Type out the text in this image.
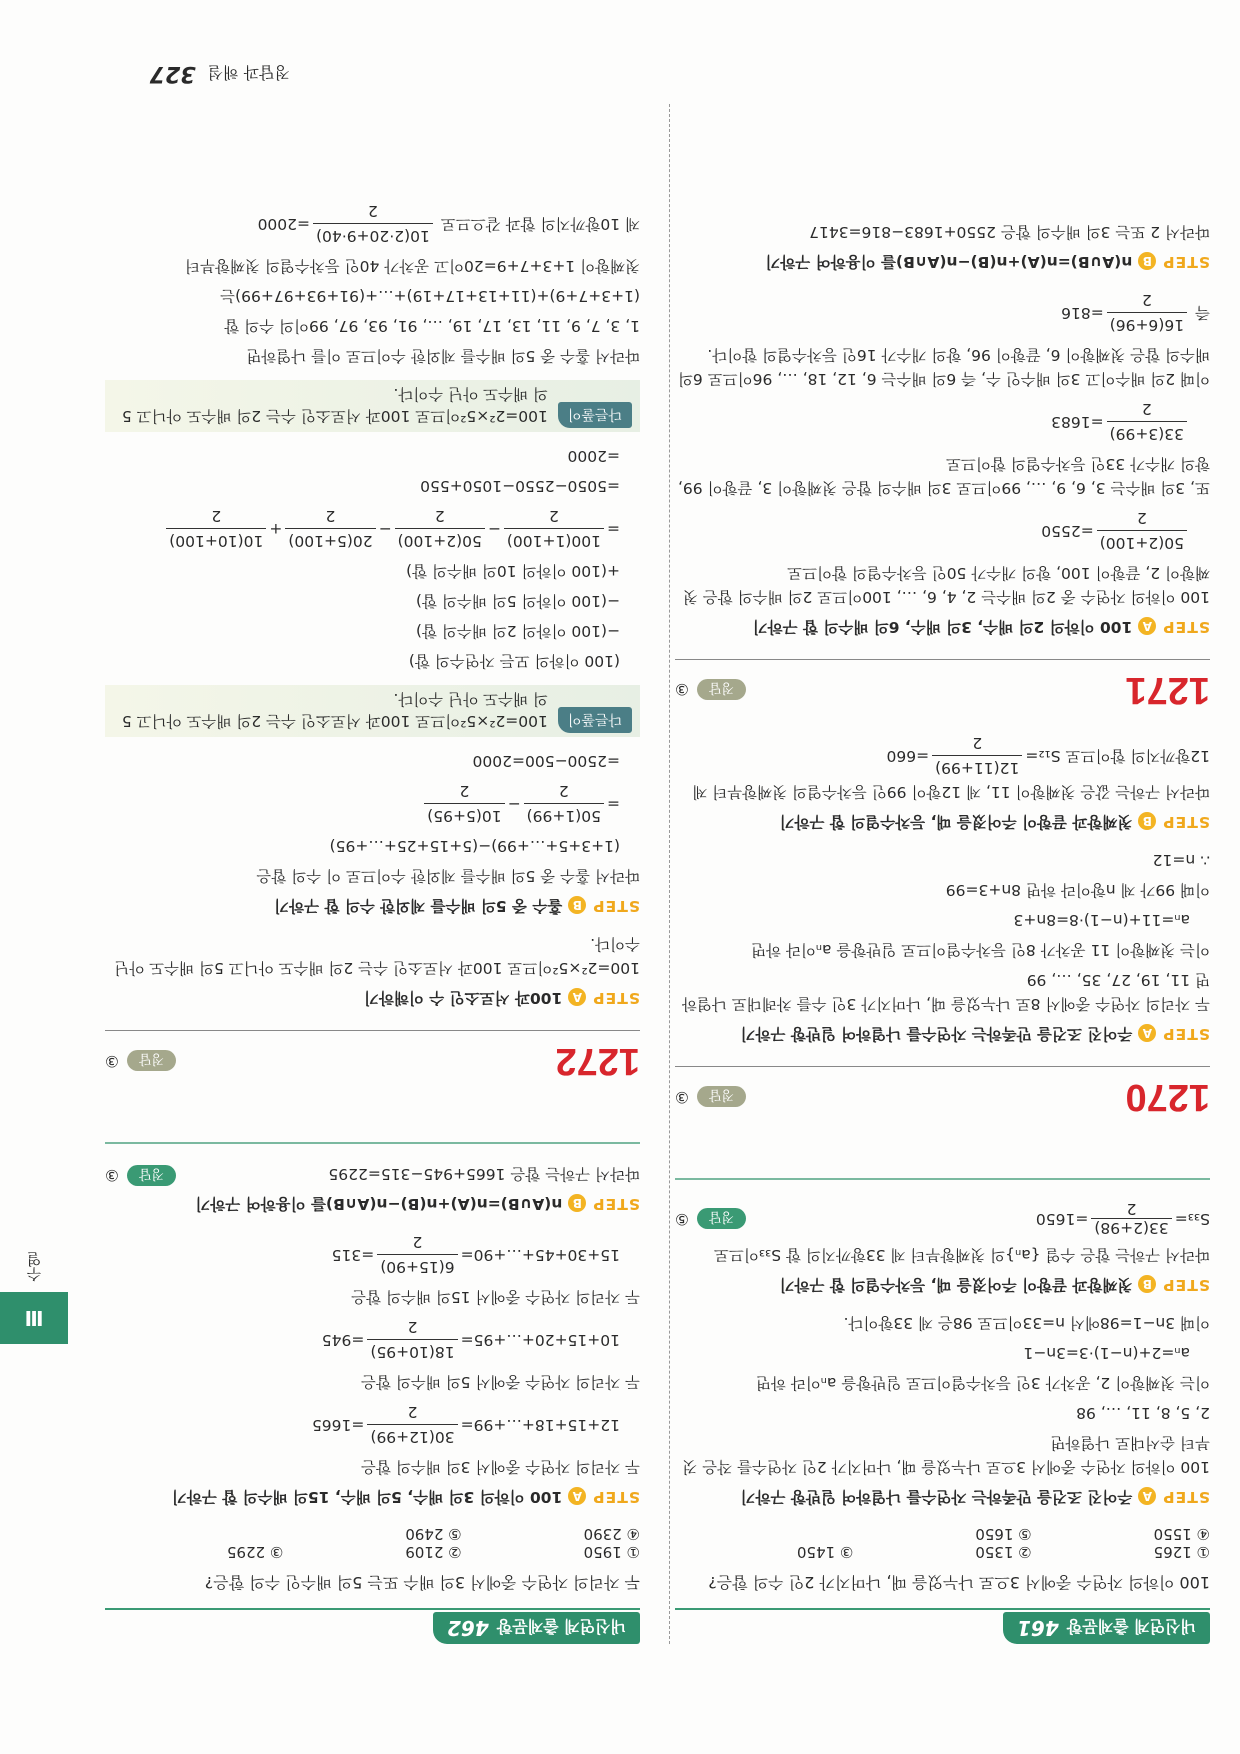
내신연계 출제문항461

100 이하의 자연수 중에서 3으로 나누었을 때, 나머지가 2인 수의 합은?

① 1265
② 1350
③ 1450
④ 1550
⑤ 1650

STEPA주어진 조건을 만족하는 자연수를 나열하여 일반항 구하기

100 이하의 자연수 중에서 3으로 나누었을 때, 나머지가 2인 자연수를 작은 것부터 순서대로 나열하면

2, 5, 8, 11, …, 98

이는 첫째항이 2, 공차가 3인 등차수열이므로 일반항을 aₙ이라 하면

aₙ=2+(n−1)·3=3n−1

이때 3n−1=98에서 n=33이므로 98은 제 33항이다.

STEPB첫째항과 끝항이 주어졌을 때, 등차수열의 합 구하기

따라서 구하는 합은 수열 {aₙ}의 첫째항부터 제 33항까지의 합 S₃₃이므로

S₃₃=
33(2+98)
2
=1650
정답
⑤
1270
정답
③

STEPA주어진 조건을 만족하는 자연수를 나열하여 일반항 구하기

두 자리의 자연수 중에서 8로 나누었을 때, 나머지가 3인 수를 차례대로 나열하면 11, 19, 27, 35, …, 99

이는 첫째항이 11 공차가 8인 등차수열이므로 일반항을 aₙ이라 하면

aₙ=11+(n−1)·8=8n+3

이때 99가 제 n항이라 하면 8n+3=99

∴ n=12

STEPB첫째항과 끝항이 주어졌을 때, 등차수열의 합 구하기

따라서 구하는 값은 첫째항이 11, 제 12항이 99인 등차수열의 첫째항부터 제 12항까지의 합이므로 S₁₂=
12(11+99)
2
=660

1271
정답
③

STEPA100 이하의 2의 배수, 3의 배수, 6의 배수의 합 구하기

100 이하의 자연수 중 2의 배수는 2, 4, 6, …, 100이므로 2의 배수의 합은 첫째항이 2, 끝항이 100, 항의 개수가 50인 등차수열의 합이므로

50(2+100)
2
=2550

또, 3의 배수는 3, 6, 9, …, 99이므로 3의 배수의 합은 첫째항이 3, 끝항이 99, 항의 개수가 33인 등차수열의 합이므로

33(3+99)
2
=1683

이때 2의 배수이고 3의 배수인 수, 즉 6의 배수는 6, 12, 18, …, 96이므로 6의 배수의 합은 첫째항이 6, 끝항이 96, 항의 개수가 16인 등차수열의 합이다.

즉
16(6+96)
2
=816

STEPBn(A∪B)=n(A)+n(B)−n(A∩B)를 이용하여 구하기

따라서 2 또는 3의 배수의 합은 2550+1683−816=3417

내신연계 출제문항462

두 자리의 자연수 중에서 3의 배수 또는 5의 배수인 수의 합은?

① 1950
② 2109
③ 2295
④ 2390
⑤ 2490

STEPA100 이하의 3의 배수, 5의 배수, 15의 배수의 합 구하기

두 자리의 자연수 중에서 3의 배수의 합은

12+15+18+…+99=
30(12+99)
2
=1665

두 자리의 자연수 중에서 5의 배수의 합은

10+15+20+…+95=
18(10+95)
2
=945

두 자리의 자연수 중에서 15의 배수의 합은

15+30+45+…+90=
6(15+90)
2
=315

STEPBn(A∪B)=n(A)+n(B)−n(A∩B)를 이용하여 구하기

따라서 구하는 합은 1665+945−315=2295
정답
③
1272
정답
③

STEPA100과 서로소인 수 이해하기

100=2²×5²이므로 100과 서로소인 수는 2의 배수도 아니고 5의 배수도 아닌 수이다.

STEPB홀수 중 5의 배수를 제외한 수의 합 구하기

따라서 홀수 중 5의 배수를 제외한 수이므로 이 수의 합은

(1+3+5+…+99)−(5+15+25+…+95)

=
50(1+99)
2
−
10(5+95)
2

=2500−500=2000

다른풀이
100=2²×5²이므로 100과 서로소인 수는 2의 배수도 아니고 5의 배수도 아닌 수이다.

(100 이하의 모든 자연수의 합)

−(100 이하의 2의 배수의 합)

−(100 이하의 5의 배수의 합)

+(100 이하의 10의 배수의 합)

=
100(1+100)
2
−
50(2+100)
2
−
20(5+100)
2
+
10(10+100)
2

=5050−2550−1050+550

=2000

다른풀이
100=2²×5²이므로 100과 서로소인 수는 2의 배수도 아니고 5의 배수도 아닌 수이다.

따라서 홀수 중 5의 배수를 제외한 수이므로 이를 나열하면

1, 3, 7, 9, 11, 13, 17, 19, …, 91, 93, 97, 99이의 수의 합

(1+3+7+9)+(11+13+17+19)+…+(91+93+97+99)는

첫째항이 1+3+7+9=20이고 공차가 40인 등차수열의 첫째항부터

제 10항까지의 합과 같으므로
10(2·20+9·40)
2
=2000

Ⅲ
수열
정답과 해설327
